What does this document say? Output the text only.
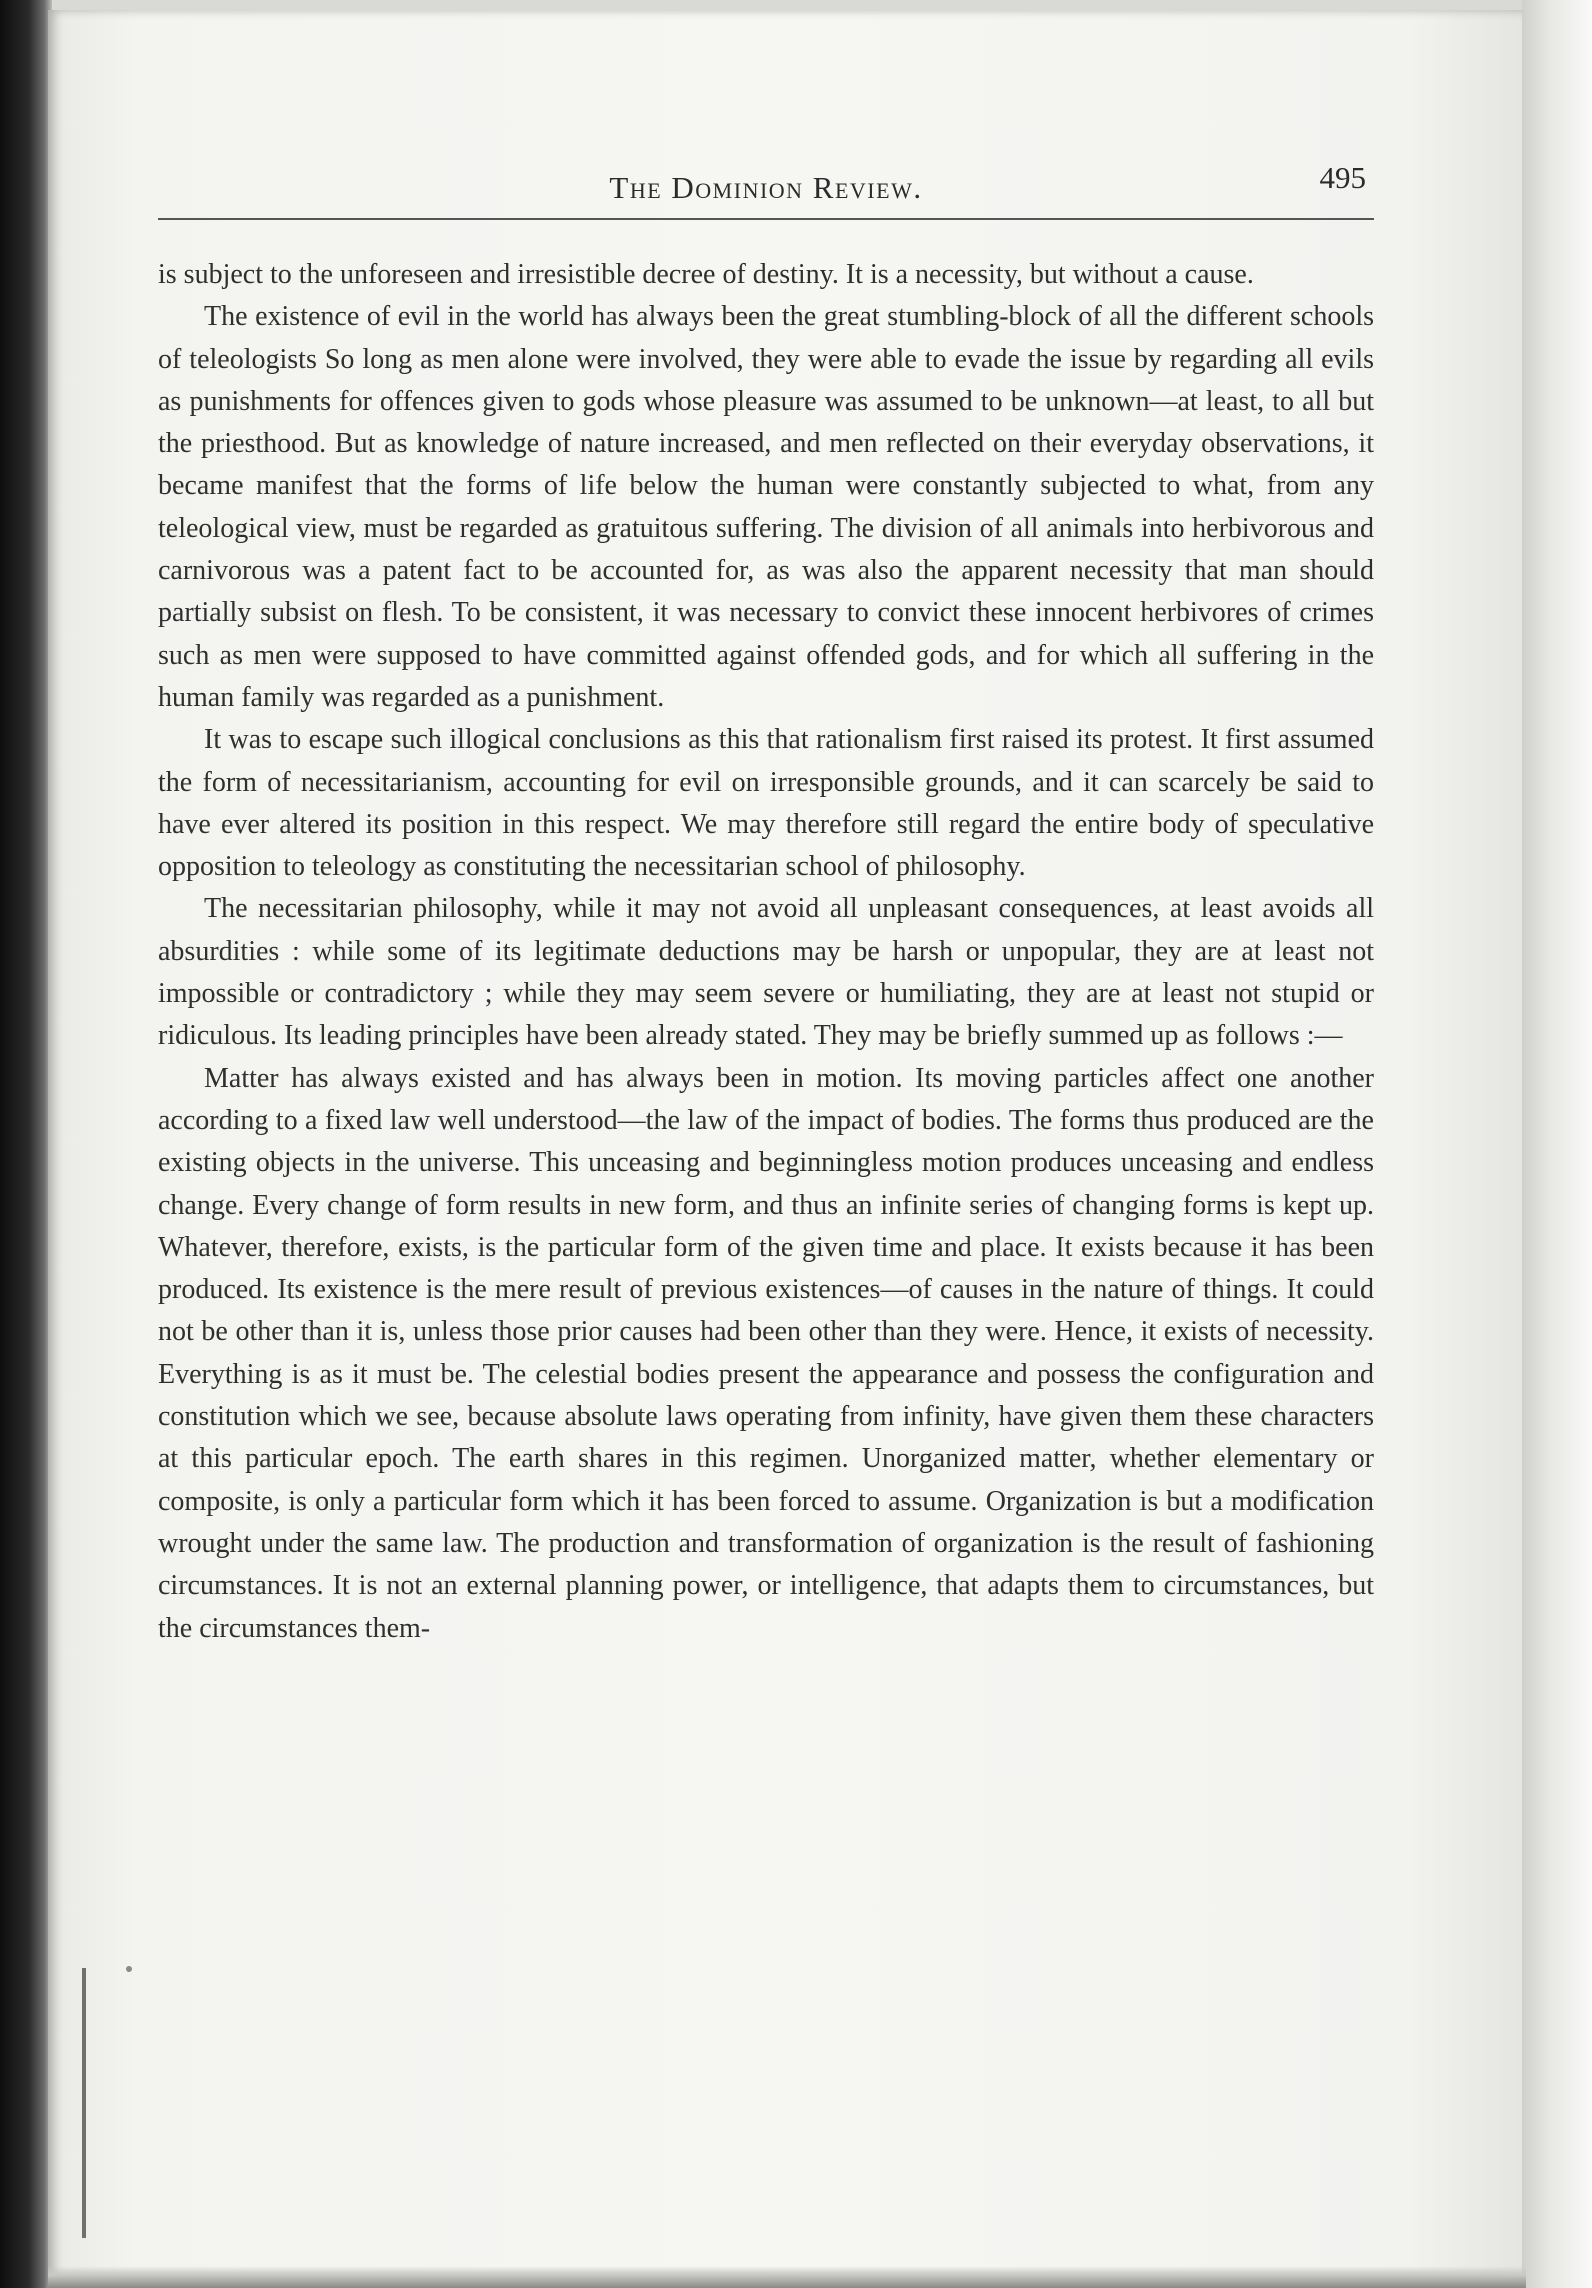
The Dominion Review.	495

is subject to the unforeseen and irresistible decree of destiny. It is a necessity, but without a cause.

The existence of evil in the world has always been the great stumbling-block of all the different schools of teleologists So long as men alone were involved, they were able to evade the issue by regarding all evils as punishments for offences given to gods whose pleasure was assumed to be unknown—at least, to all but the priesthood. But as knowledge of nature increased, and men reflected on their everyday observations, it became manifest that the forms of life below the human were constantly subjected to what, from any teleological view, must be regarded as gratuitous suffering. The division of all animals into herbivorous and carnivorous was a patent fact to be accounted for, as was also the apparent necessity that man should partially subsist on flesh. To be consistent, it was necessary to convict these innocent herbivores of crimes such as men were supposed to have committed against offended gods, and for which all suffering in the human family was regarded as a punishment.

It was to escape such illogical conclusions as this that rationalism first raised its protest. It first assumed the form of necessitarianism, accounting for evil on irresponsible grounds, and it can scarcely be said to have ever altered its position in this respect. We may therefore still regard the entire body of speculative opposition to teleology as constituting the necessitarian school of philosophy.

The necessitarian philosophy, while it may not avoid all unpleasant consequences, at least avoids all absurdities : while some of its legitimate deductions may be harsh or unpopular, they are at least not impossible or contradictory ; while they may seem severe or humiliating, they are at least not stupid or ridiculous. Its leading principles have been already stated. They may be briefly summed up as follows :—

Matter has always existed and has always been in motion. Its moving particles affect one another according to a fixed law well understood—the law of the impact of bodies. The forms thus produced are the existing objects in the universe. This unceasing and beginningless motion produces unceasing and endless change. Every change of form results in new form, and thus an infinite series of changing forms is kept up. Whatever, therefore, exists, is the particular form of the given time and place. It exists because it has been produced. Its existence is the mere result of previous existences—of causes in the nature of things. It could not be other than it is, unless those prior causes had been other than they were. Hence, it exists of necessity. Everything is as it must be. The celestial bodies present the appearance and possess the configuration and constitution which we see, because absolute laws operating from infinity, have given them these characters at this particular epoch. The earth shares in this regimen. Unorganized matter, whether elementary or composite, is only a particular form which it has been forced to assume. Organization is but a modification wrought under the same law. The production and transformation of organization is the result of fashioning circumstances. It is not an external planning power, or intelligence, that adapts them to circumstances, but the circumstances them-
